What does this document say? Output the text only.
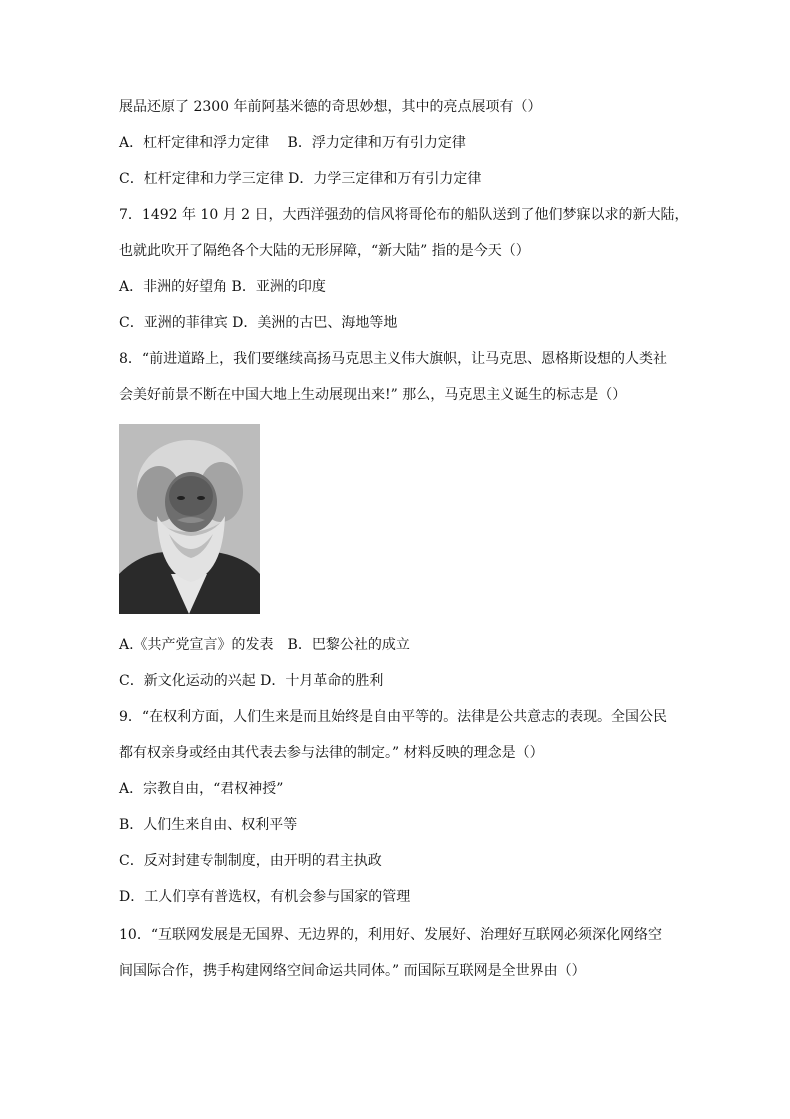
展品还原了 2300 年前阿基米德的奇思妙想，其中的亮点展项有（）
A．杠杆定律和浮力定律　 B．浮力定律和万有引力定律
C．杠杆定律和力学三定律 D．力学三定律和万有引力定律
7．1492 年 10 月 2 日，大西洋强劲的信风将哥伦布的船队送到了他们梦寐以求的新大陆，
也就此吹开了隔绝各个大陆的无形屏障，“新大陆” 指的是今天（）
A．非洲的好望角 B．亚洲的印度
C．亚洲的菲律宾 D．美洲的古巴、海地等地
8．“前进道路上，我们要继续高扬马克思主义伟大旗帜，让马克思、恩格斯设想的人类社
会美好前景不断在中国大地上生动展现出来!” 那么，马克思主义诞生的标志是（）
A.《共产党宣言》的发表　B．巴黎公社的成立
C．新文化运动的兴起 D．十月革命的胜利
9．“在权利方面，人们生来是而且始终是自由平等的。法律是公共意志的表现。全国公民
都有权亲身或经由其代表去参与法律的制定。” 材料反映的理念是（）
A．宗教自由，“君权神授”
B．人们生来自由、权利平等
C．反对封建专制制度，由开明的君主执政
D．工人们享有普选权，有机会参与国家的管理
10．“互联网发展是无国界、无边界的，利用好、发展好、治理好互联网必须深化网络空
间国际合作，携手构建网络空间命运共同体。” 而国际互联网是全世界由（）
